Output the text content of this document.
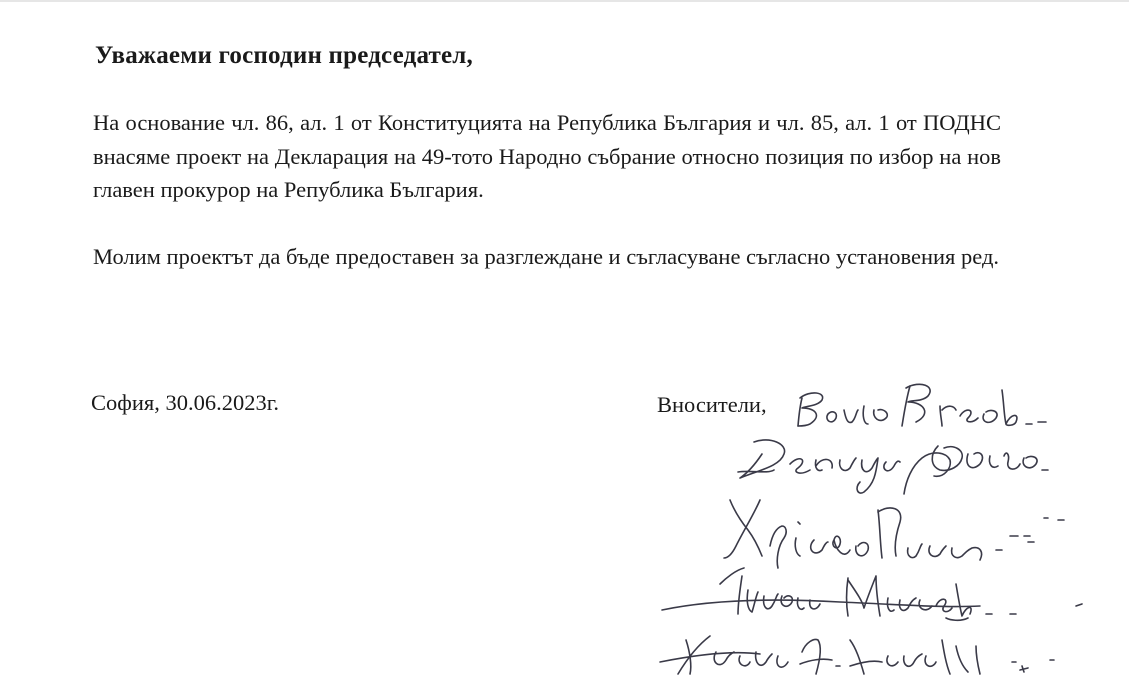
Уважаеми господин председател,

На основание чл. 86, ал. 1 от Конституцията на Република България и чл. 85, ал. 1 от ПОДНС внасяме проект на Декларация на 49-тото Народно събрание относно позиция по избор на нов главен прокурор на Република България.

Молим проектът да бъде предоставен за разглеждане и съгласуване съгласно установения ред.

София, 30.06.2023г.	Вносители,
